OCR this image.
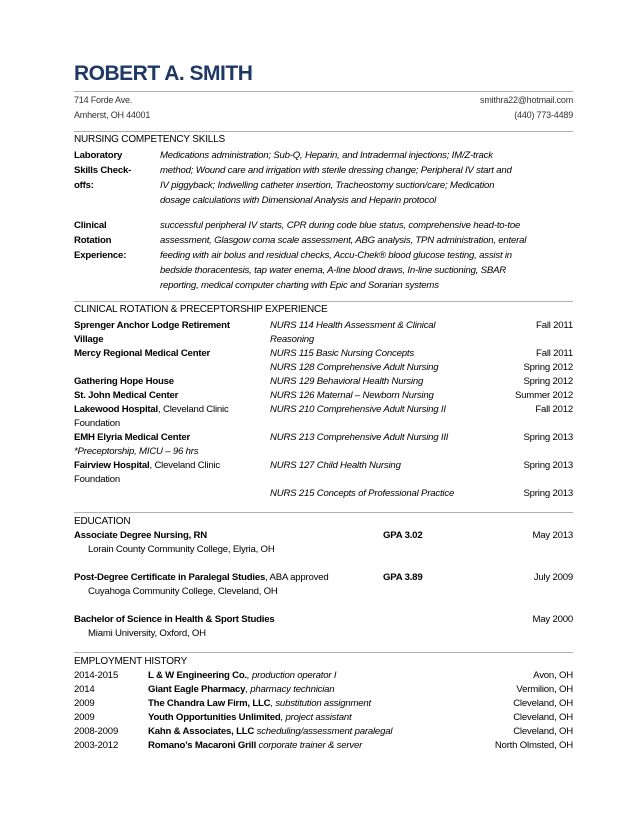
ROBERT A. SMITH
714 Forde Ave.	smithra22@hotmail.com
Amherst, OH 44001	(440) 773-4489
NURSING COMPETENCY SKILLS
Laboratory
Skills Check-
offs:
Medications administration; Sub-Q, Heparin, and Intradermal injections; IM/Z-track
method; Wound care and irrigation with sterile dressing change; Peripheral IV start and
IV piggyback; Indwelling catheter insertion, Tracheostomy suction/care; Medication
dosage calculations with Dimensional Analysis and Heparin protocol
Clinical
Rotation
Experience:
successful peripheral IV starts, CPR during code blue status, comprehensive head-to-toe
assessment, Glasgow coma scale assessment, ABG analysis, TPN administration, enteral
feeding with air bolus and residual checks, Accu-Chek® blood glucose testing, assist in
bedside thoracentesis, tap water enema, A-line blood draws, In-line suctioning, SBAR
reporting, medical computer charting with Epic and Sorarian systems
CLINICAL ROTATION & PRECEPTORSHIP EXPERIENCE
Sprenger Anchor Lodge Retirement	NURS 114 Health Assessment & Clinical	Fall 2011
Village	Reasoning
Mercy Regional Medical Center	NURS 115 Basic Nursing Concepts	Fall 2011
NURS 128 Comprehensive Adult Nursing	Spring 2012
Gathering Hope House	NURS 129 Behavioral Health Nursing	Spring 2012
St. John Medical Center	NURS 126 Maternal – Newborn Nursing	Summer 2012
Lakewood Hospital, Cleveland Clinic	NURS 210 Comprehensive Adult Nursing II	Fall 2012
Foundation
EMH Elyria Medical Center	NURS 213 Comprehensive Adult Nursing III	Spring 2013
*Preceptorship, MICU – 96 hrs
Fairview Hospital, Cleveland Clinic	NURS 127 Child Health Nursing	Spring 2013
Foundation
NURS 215 Concepts of Professional Practice	Spring 2013
EDUCATION
Associate Degree Nursing, RN	GPA 3.02	May 2013
Lorain County Community College, Elyria, OH
Post-Degree Certificate in Paralegal Studies, ABA approved	GPA 3.89	July 2009
Cuyahoga Community College, Cleveland, OH
Bachelor of Science in Health & Sport Studies	May 2000
Miami University, Oxford, OH
EMPLOYMENT HISTORY
2014-2015	L & W Engineering Co., production operator I	Avon, OH
2014	Giant Eagle Pharmacy, pharmacy technician	Vermilion, OH
2009	The Chandra Law Firm, LLC, substitution assignment	Cleveland, OH
2009	Youth Opportunities Unlimited, project assistant	Cleveland, OH
2008-2009	Kahn & Associates, LLC scheduling/assessment paralegal	Cleveland, OH
2003-2012	Romano’s Macaroni Grill corporate trainer & server	North Olmsted, OH
